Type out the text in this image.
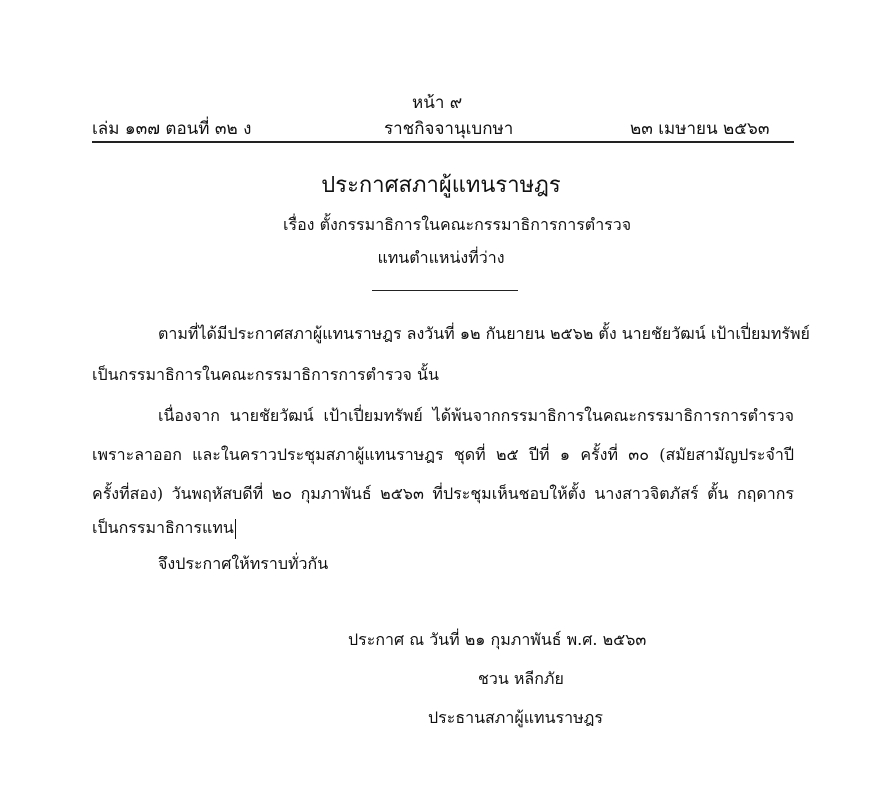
หน้า ๙
เล่ม ๑๓๗ ตอนที่ ๓๒ ง	ราชกิจจานุเบกษา	๒๓ เมษายน ๒๕๖๓
ประกาศสภาผู้แทนราษฎร
เรื่อง ตั้งกรรมาธิการในคณะกรรมาธิการการตำรวจ
แทนตำแหน่งที่ว่าง
ตามที่ได้มีประกาศสภาผู้แทนราษฎร ลงวันที่ ๑๒ กันยายน ๒๕๖๒ ตั้ง นายชัยวัฒน์ เป้าเปี่ยมทรัพย์
เป็นกรรมาธิการในคณะกรรมาธิการการตำรวจ นั้น
เนื่องจาก นายชัยวัฒน์ เป้าเปี่ยมทรัพย์ ได้พ้นจากกรรมาธิการในคณะกรรมาธิการการตำรวจ
เพราะลาออก และในคราวประชุมสภาผู้แทนราษฎร ชุดที่ ๒๕ ปีที่ ๑ ครั้งที่ ๓๐ (สมัยสามัญประจำปี
ครั้งที่สอง) วันพฤหัสบดีที่ ๒๐ กุมภาพันธ์ ๒๕๖๓ ที่ประชุมเห็นชอบให้ตั้ง นางสาวจิตภัสร์ ตั้น กฤดากร
เป็นกรรมาธิการแทน
จึงประกาศให้ทราบทั่วกัน
ประกาศ ณ วันที่ ๒๑ กุมภาพันธ์ พ.ศ. ๒๕๖๓
ชวน หลีกภัย
ประธานสภาผู้แทนราษฎร
